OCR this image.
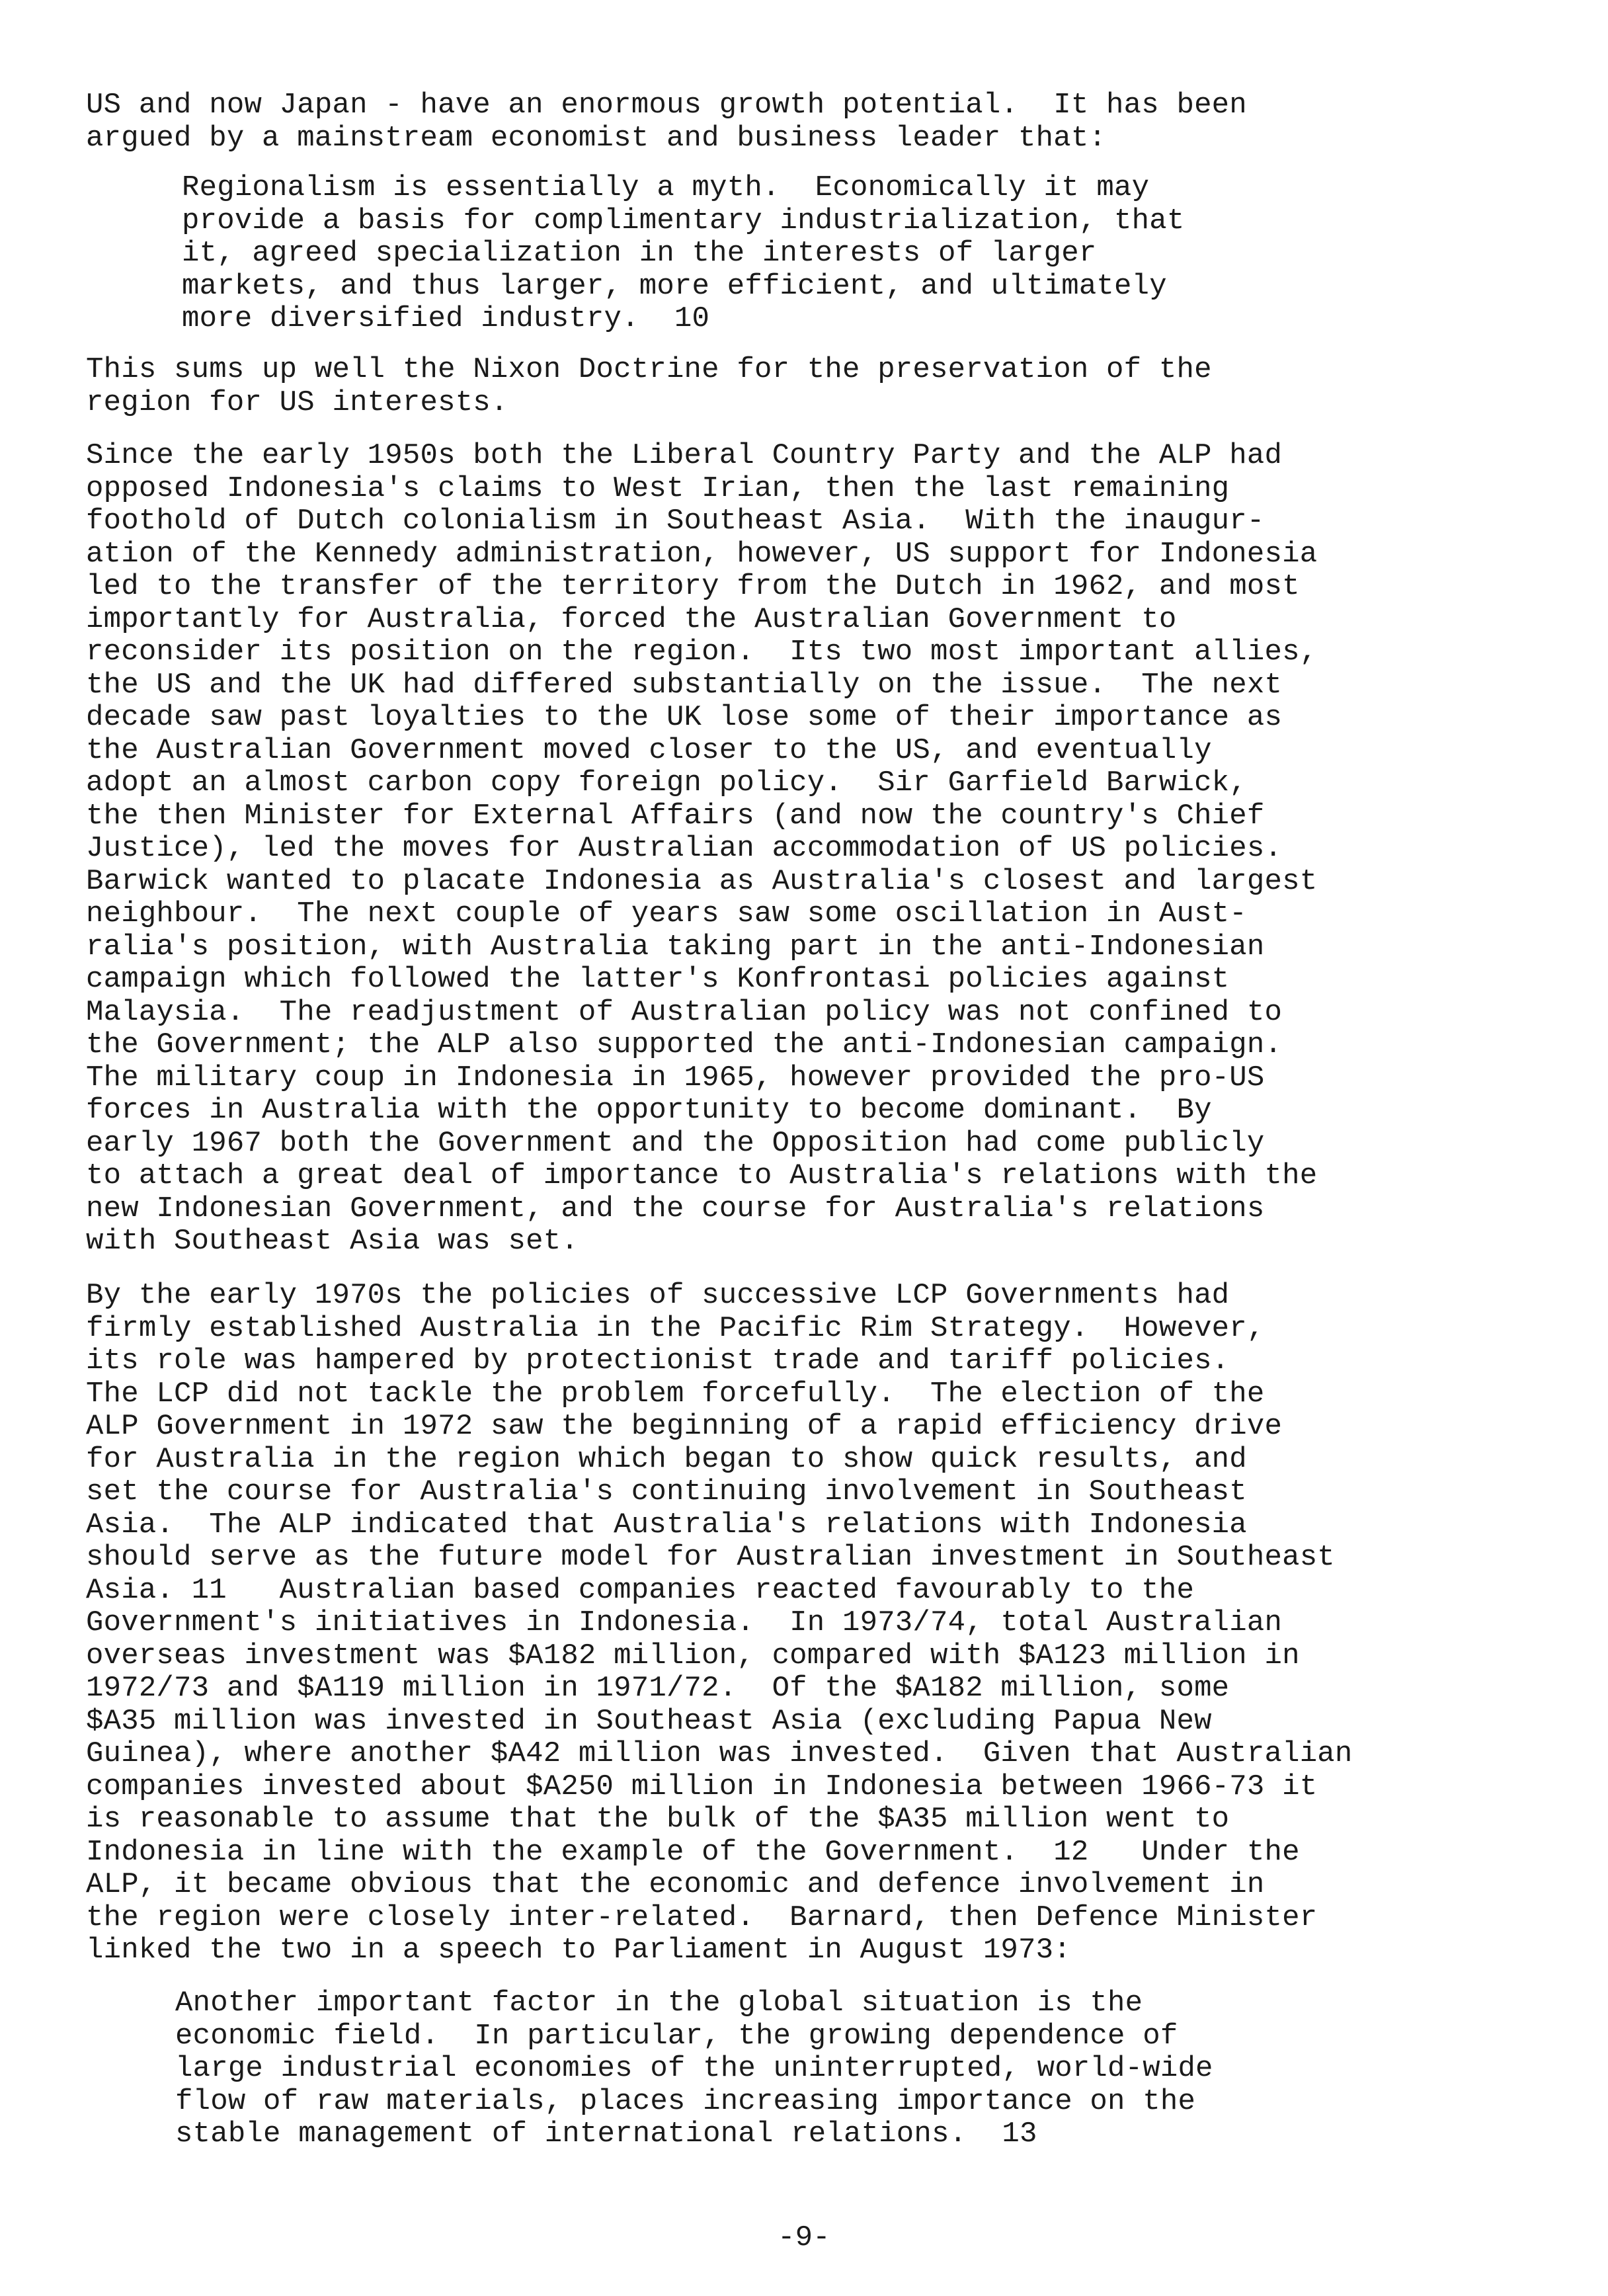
US and now Japan - have an enormous growth potential.  It has been
argued by a mainstream economist and business leader that:
Regionalism is essentially a myth.  Economically it may
provide a basis for complimentary industrialization, that
it, agreed specialization in the interests of larger
markets, and thus larger, more efficient, and ultimately
more diversified industry.  10
This sums up well the Nixon Doctrine for the preservation of the
region for US interests.
Since the early 1950s both the Liberal Country Party and the ALP had
opposed Indonesia's claims to West Irian, then the last remaining
foothold of Dutch colonialism in Southeast Asia.  With the inaugur-
ation of the Kennedy administration, however, US support for Indonesia
led to the transfer of the territory from the Dutch in 1962, and most
importantly for Australia, forced the Australian Government to
reconsider its position on the region.  Its two most important allies,
the US and the UK had differed substantially on the issue.  The next
decade saw past loyalties to the UK lose some of their importance as
the Australian Government moved closer to the US, and eventually
adopt an almost carbon copy foreign policy.  Sir Garfield Barwick,
the then Minister for External Affairs (and now the country's Chief
Justice), led the moves for Australian accommodation of US policies.
Barwick wanted to placate Indonesia as Australia's closest and largest
neighbour.  The next couple of years saw some oscillation in Aust-
ralia's position, with Australia taking part in the anti-Indonesian
campaign which followed the latter's Konfrontasi policies against
Malaysia.  The readjustment of Australian policy was not confined to
the Government; the ALP also supported the anti-Indonesian campaign.
The military coup in Indonesia in 1965, however provided the pro-US
forces in Australia with the opportunity to become dominant.  By
early 1967 both the Government and the Opposition had come publicly
to attach a great deal of importance to Australia's relations with the
new Indonesian Government, and the course for Australia's relations
with Southeast Asia was set.
By the early 1970s the policies of successive LCP Governments had
firmly established Australia in the Pacific Rim Strategy.  However,
its role was hampered by protectionist trade and tariff policies.
The LCP did not tackle the problem forcefully.  The election of the
ALP Government in 1972 saw the beginning of a rapid efficiency drive
for Australia in the region which began to show quick results, and
set the course for Australia's continuing involvement in Southeast
Asia.  The ALP indicated that Australia's relations with Indonesia
should serve as the future model for Australian investment in Southeast
Asia. 11   Australian based companies reacted favourably to the
Government's initiatives in Indonesia.  In 1973/74, total Australian
overseas investment was $A182 million, compared with $A123 million in
1972/73 and $A119 million in 1971/72.  Of the $A182 million, some
$A35 million was invested in Southeast Asia (excluding Papua New
Guinea), where another $A42 million was invested.  Given that Australian
companies invested about $A250 million in Indonesia between 1966-73 it
is reasonable to assume that the bulk of the $A35 million went to
Indonesia in line with the example of the Government.  12   Under the
ALP, it became obvious that the economic and defence involvement in
the region were closely inter-related.  Barnard, then Defence Minister
linked the two in a speech to Parliament in August 1973:
Another important factor in the global situation is the
economic field.  In particular, the growing dependence of
large industrial economies of the uninterrupted, world-wide
flow of raw materials, places increasing importance on the
stable management of international relations.  13
-9-
